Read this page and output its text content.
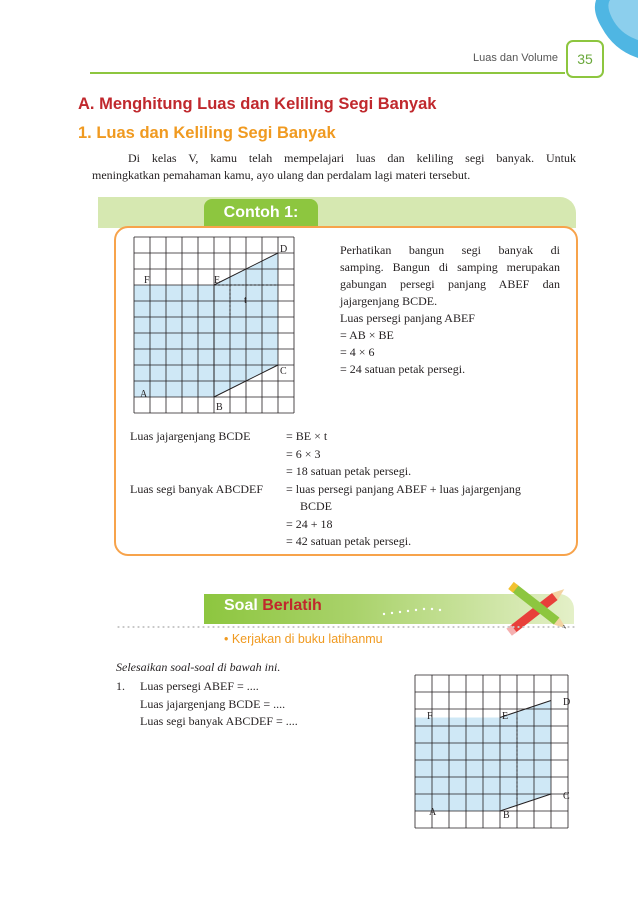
Luas dan Volume	35
A. Menghitung Luas dan Keliling Segi Banyak
1. Luas dan Keliling Segi Banyak
Di kelas V, kamu telah mempelajari luas dan keliling segi banyak. Untuk
meningkatkan pemahaman kamu, ayo ulang dan perdalam lagi materi tersebut.
Contoh 1:
A
B
C
D
E
F
t
Perhatikan bangun segi banyak di
samping. Bangun di samping merupakan
gabungan persegi panjang ABEF dan
jajargenjang BCDE.
Luas persegi panjang ABEF
= AB × BE
= 4 × 6
= 24 satuan petak persegi.
Luas jajargenjang BCDE	= BE × t
= 6 × 3
= 18 satuan petak persegi.
Luas segi banyak ABCDEF	= luas persegi panjang ABEF + luas jajargenjang
BCDE
= 24 + 18
= 42 satuan petak persegi.
Soal Berlatih
• Kerjakan di buku latihanmu
Selesaikan soal-soal di bawah ini.
1. Luas persegi ABEF = ....
Luas jajargenjang BCDE = ....
Luas segi banyak ABCDEF = ....
A	B
C
D
E
F
